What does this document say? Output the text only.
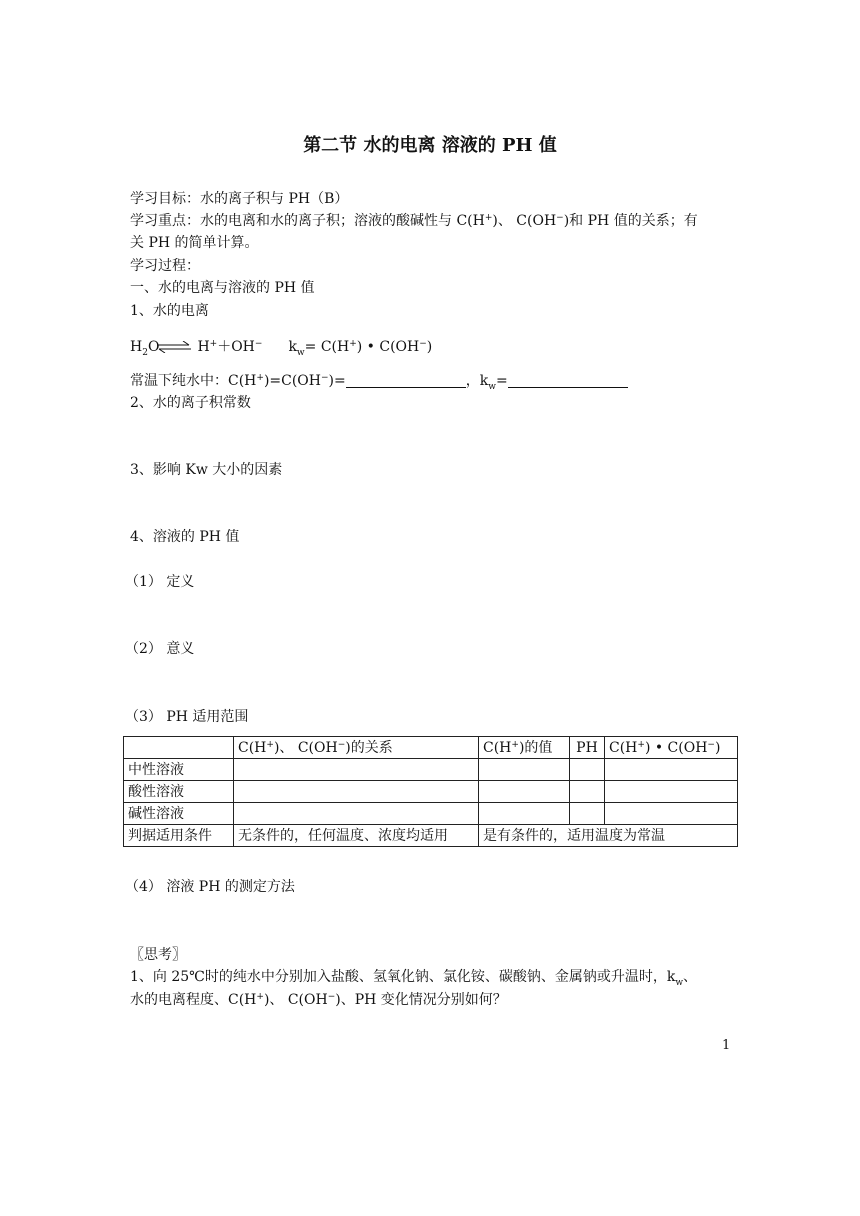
第二节 水的电离 溶液的 PH 值
学习目标：水的离子积与 PH（B）
学习重点：水的电离和水的离子积；溶液的酸碱性与 C(H+)、 C(OH−)和 PH 值的关系；有
关 PH 的简单计算。
学习过程：
一、水的电离与溶液的 PH 值
1、水的电离
$H_2O$ ⇌ H+＋OH− $k_w= C(H^+)$ • C(OH−)
常温下纯水中：C(H+)=C(OH−)=	，$k_w=$
2、水的离子积常数
3、影响 Kw 大小的因素
4、溶液的 PH 值
（1） 定义
（2） 意义
（3） PH 适用范围
	C(H+)、 C(OH−)的关系	C(H+)的值	PH	C(H+) • C(OH−)
中性溶液				
酸性溶液				
碱性溶液				
判据适用条件	无条件的，任何温度、浓度均适用	是有条件的，适用温度为常温		
（4） 溶液 PH 的测定方法
〖思考〗
1、向 25℃时的纯水中分别加入盐酸、氢氧化钠、氯化铵、碳酸钠、金属钠或升温时，$k_w$、
水的电离程度、C(H+)、 C(OH−)、PH 变化情况分别如何？
1
